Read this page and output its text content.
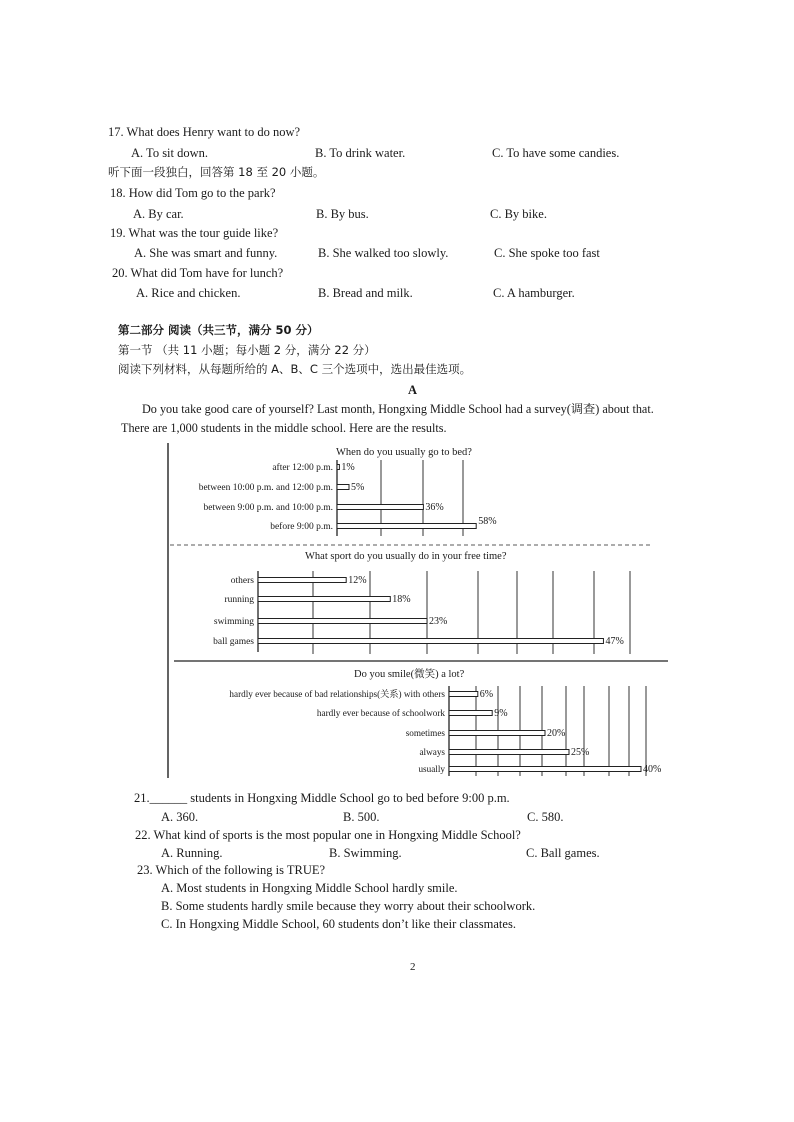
17. What does Henry want to do now?
A. To sit down.	B. To drink water.	C. To have some candies.
听下面一段独白，回答第 18 至 20 小题。
18. How did Tom go to the park?
A. By car.	B. By bus.	C. By bike.
19. What was the tour guide like?
A. She was smart and funny.	B. She walked too slowly.	C. She spoke too fast
20. What did Tom have for lunch?
A. Rice and chicken.	B. Bread and milk.	C. A hamburger.
第二部分 阅读（共三节，满分 50 分）
第一节 （共 11 小题；每小题 2 分，满分 22 分）
阅读下列材料，从每题所给的 A、B、C 三个选项中，选出最佳选项。
A
Do you take good care of yourself? Last month, Hongxing Middle School had a survey(调查) about that.
There are 1,000 students in the middle school. Here are the results.
When do you usually go to bed?
What sport do you usually do in your free time?
Do you smile(微笑) a lot?
after 12:00 p.m. 1%
between 10:00 p.m. and 12:00 p.m. 5%
between 9:00 p.m. and 10:00 p.m.	36%
before 9:00 p.m.	58%
others	12%
running	18%
swimming	23%
ball games	47%
hardly ever because of bad relationships(关系) with others	6%
hardly ever because of schoolwork	9%
sometimes	20%
always	25%
usually	40%
21.______ students in Hongxing Middle School go to bed before 9:00 p.m.
A. 360.	B. 500.	C. 580.
22. What kind of sports is the most popular one in Hongxing Middle School?
A. Running.	B. Swimming.	C. Ball games.
23. Which of the following is TRUE?
A. Most students in Hongxing Middle School hardly smile.
B. Some students hardly smile because they worry about their schoolwork.
C. In Hongxing Middle School, 60 students don’t like their classmates.
2
